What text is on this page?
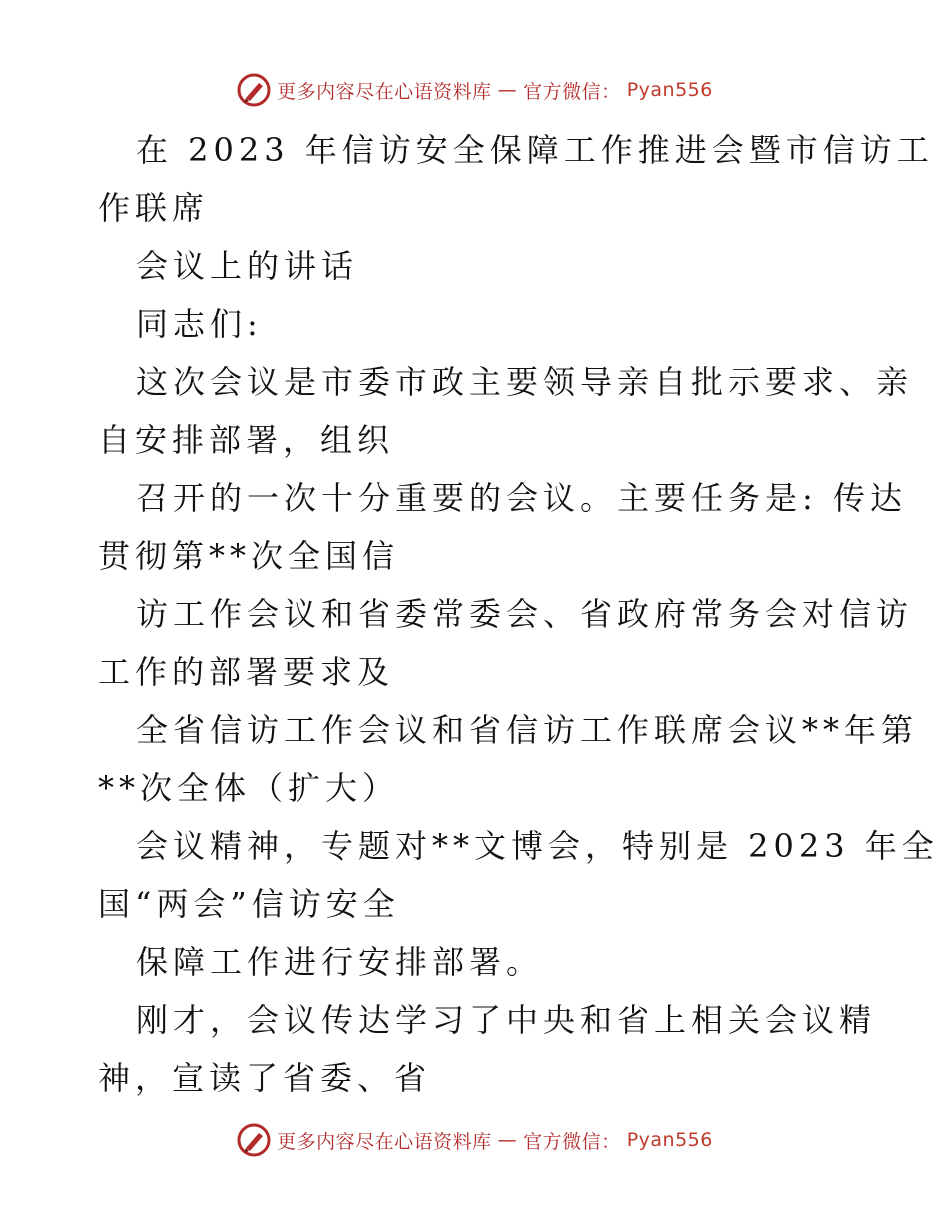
更多内容尽在心语资料库 — 官方微信： Pyan556
在 2023 年信访安全保障工作推进会暨市信访工
作联席
会议上的讲话
同志们:
这次会议是市委市政主要领导亲自批示要求、亲
自安排部署，组织
召开的一次十分重要的会议。主要任务是: 传达
贯彻第**次全国信
访工作会议和省委常委会、省政府常务会对信访
工作的部署要求及
全省信访工作会议和省信访工作联席会议**年第
**次全体（扩大）
会议精神，专题对**文博会，特别是 2023 年全
国“两会”信访安全
保障工作进行安排部署。
刚才，会议传达学习了中央和省上相关会议精
神，宣读了省委、省
更多内容尽在心语资料库 — 官方微信： Pyan556
